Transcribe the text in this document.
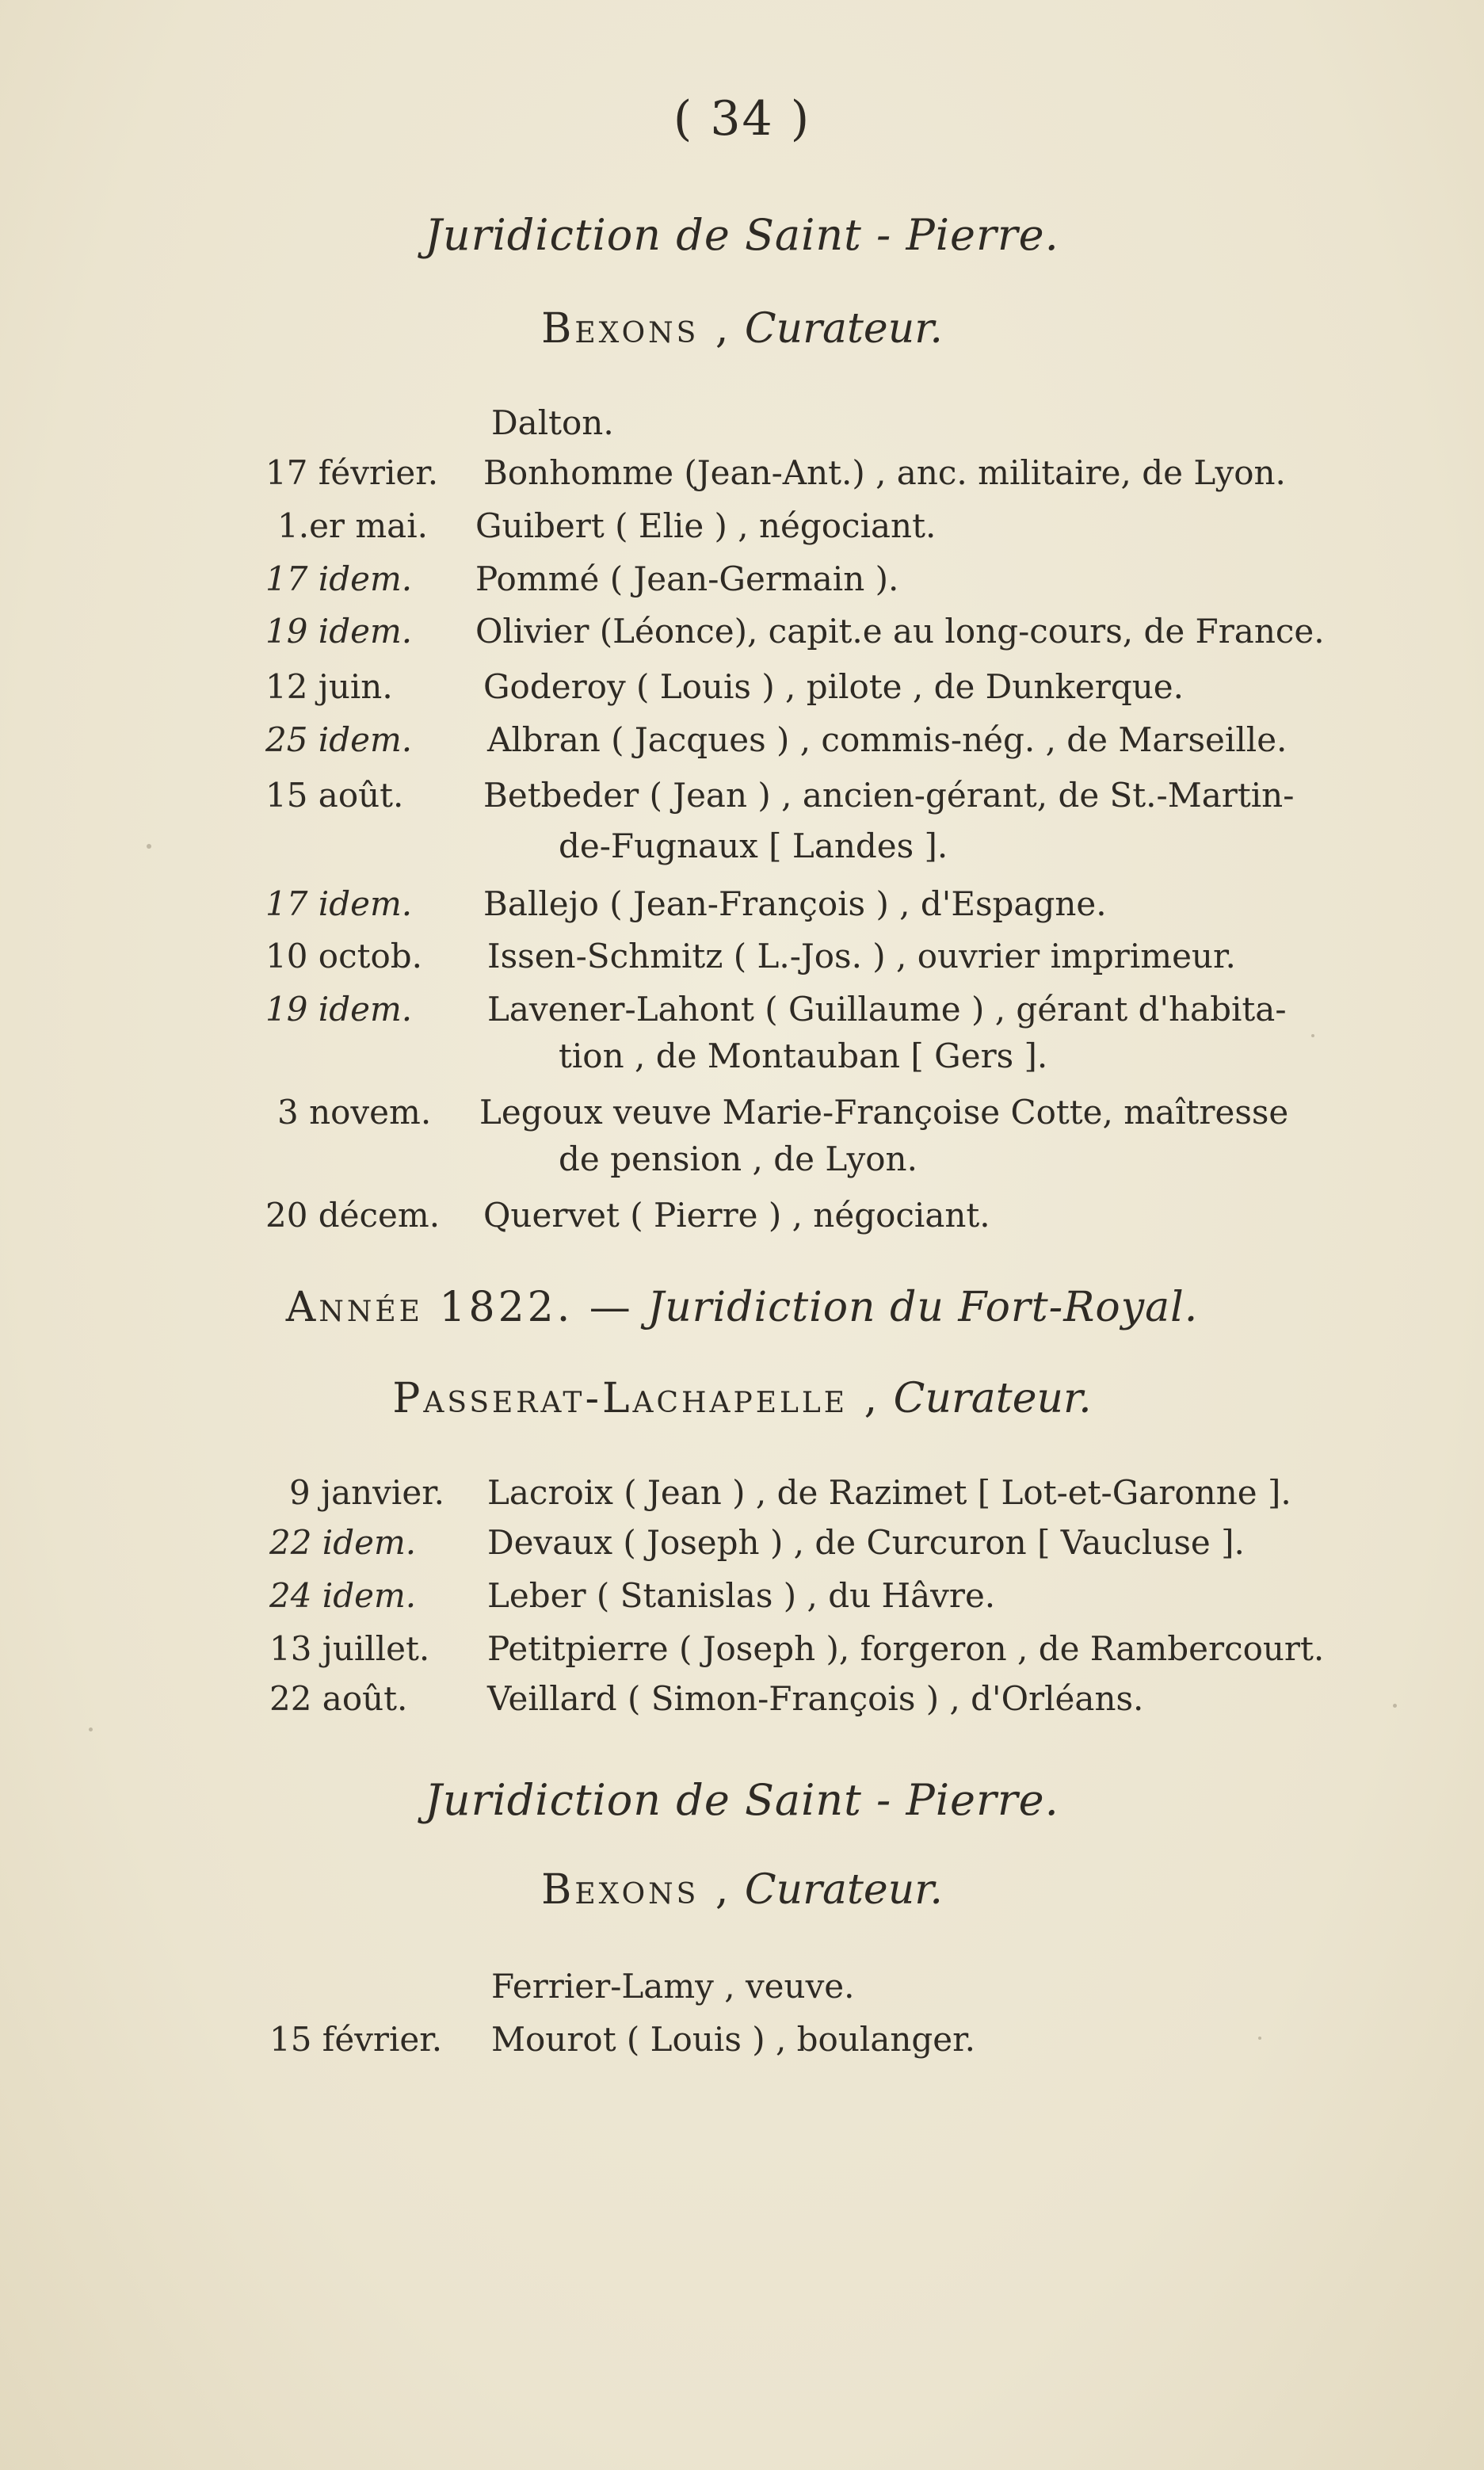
( 34 )
Juridiction de Saint - Pierre.
Bexons , Curateur.
Dalton.
17 février. Bonhomme (Jean-Ant.) , anc. militaire, de Lyon.
1.er mai. Guibert ( Elie ) , négociant.
17 idem. Pommé ( Jean-Germain ).
19 idem. Olivier (Léonce), capit.e au long-cours, de France.
12 juin.	Goderoy ( Louis ) , pilote , de Dunkerque.
25 idem. Albran ( Jacques ) , commis-nég. , de Marseille.
15 août. Betbeder ( Jean ) , ancien-gérant, de St.-Martin-
de-Fugnaux [ Landes ].
17 idem. Ballejo ( Jean-François ) , d'Espagne.
10 octob. Issen-Schmitz ( L.-Jos. ) , ouvrier imprimeur.
19 idem. Lavener-Lahont ( Guillaume ) , gérant d'habita-
tion , de Montauban [ Gers ].
3 novem. Legoux veuve Marie-Françoise Cotte, maîtresse
de pension , de Lyon.
20 décem. Quervet ( Pierre ) , négociant.
Année 1822. — Juridiction du Fort-Royal.
Passerat-Lachapelle , Curateur.
9 janvier. Lacroix ( Jean ) , de Razimet [ Lot-et-Garonne ].
22 idem. Devaux ( Joseph ) , de Curcuron [ Vaucluse ].
24 idem. Leber ( Stanislas ) , du Hâvre.
13 juillet. Petitpierre ( Joseph ), forgeron , de Rambercourt.
22 août. Veillard ( Simon-François ) , d'Orléans.
Juridiction de Saint - Pierre.
Bexons , Curateur.
Ferrier-Lamy , veuve.
15 février. Mourot ( Louis ) , boulanger.
